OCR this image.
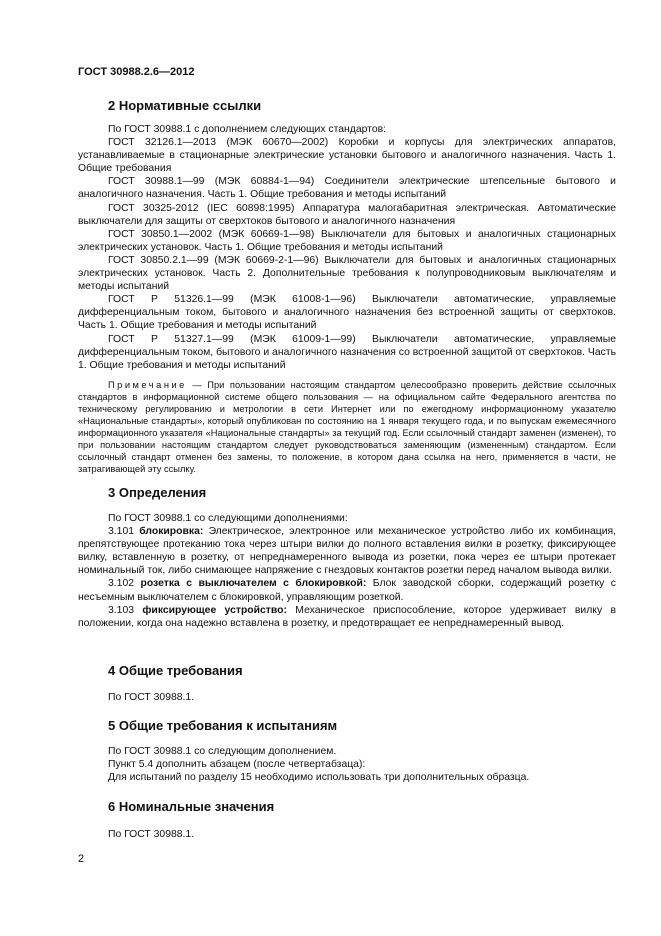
ГОСТ 30988.2.6—2012
2 Нормативные ссылки

По ГОСТ 30988.1 с дополнением следующих стандартов:

ГОСТ 32126.1—2013 (МЭК 60670—2002) Коробки и корпусы для электрических аппаратов, устанавливаемые в стационарные электрические установки бытового и аналогичного назначения. Часть 1. Общие требования

ГОСТ 30988.1—99 (МЭК 60884-1—94) Соединители электрические штепсельные бытового и аналогичного назначения. Часть 1. Общие требования и методы испытаний

ГОСТ 30325-2012 (IEC 60898:1995) Аппаратура малогабаритная электрическая. Автоматические выключатели для защиты от сверхтоков бытового и аналогичного назначения

ГОСТ 30850.1—2002 (МЭК 60669-1—98) Выключатели для бытовых и аналогичных стационарных электрических установок. Часть 1. Общие требования и методы испытаний

ГОСТ 30850.2.1—99 (МЭК 60669-2-1—96) Выключатели для бытовых и аналогичных стационарных электрических установок. Часть 2. Дополнительные требования к полупроводниковым выключателям и методы испытаний

ГОСТ Р 51326.1—99 (МЭК 61008-1—96) Выключатели автоматические, управляемые дифференциальным током, бытового и аналогичного назначения без встроенной защиты от сверхтоков. Часть 1. Общие требования и методы испытаний

ГОСТ Р 51327.1—99 (МЭК 61009-1—99) Выключатели автоматические, управляемые дифференциальным током, бытового и аналогичного назначения со встроенной защитой от сверхтоков. Часть 1. Общие требования и методы испытаний

Примечание — При пользовании настоящим стандартом целесообразно проверить действие ссылочных стандартов в информационной системе общего пользования — на официальном сайте Федерального агентства по техническому регулированию и метрологии в сети Интернет или по ежегодному информационному указателю «Национальные стандарты», который опубликован по состоянию на 1 января текущего года, и по выпускам ежемесячного информационного указателя «Национальные стандарты» за текущий год. Если ссылочный стандарт заменен (изменен), то при пользовании настоящим стандартом следует руководствоваться заменяющим (измененным) стандартом. Если ссылочный стандарт отменен без замены, то положение, в котором дана ссылка на него, применяется в части, не затрагивающей эту ссылку.

3 Определения

По ГОСТ 30988.1 со следующими дополнениями:

3.101 блокировка: Электрическое, электронное или механическое устройство либо их комбинация, препятствующее протеканию тока через штыри вилки до полного вставления вилки в розетку, фиксирующее вилку, вставленную в розетку, от непреднамеренного вывода из розетки, пока через ее штыри протекает номинальный ток, либо снимающее напряжение с гнездовых контактов розетки перед началом вывода вилки.

3.102 розетка с выключателем с блокировкой: Блок заводской сборки, содержащий розетку с несъемным выключателем с блокировкой, управляющим розеткой.

3.103 фиксирующее устройство: Механическое приспособление, которое удерживает вилку в положении, когда она надежно вставлена в розетку, и предотвращает ее непреднамеренный вывод.

4 Общие требования

По ГОСТ 30988.1.

5 Общие требования к испытаниям

По ГОСТ 30988.1 со следующим дополнением.

Пункт 5.4 дополнить абзацем (после четвертабзаца):

Для испытаний по разделу 15 необходимо использовать три дополнительных образца.

6 Номинальные значения

По ГОСТ 30988.1.

2
